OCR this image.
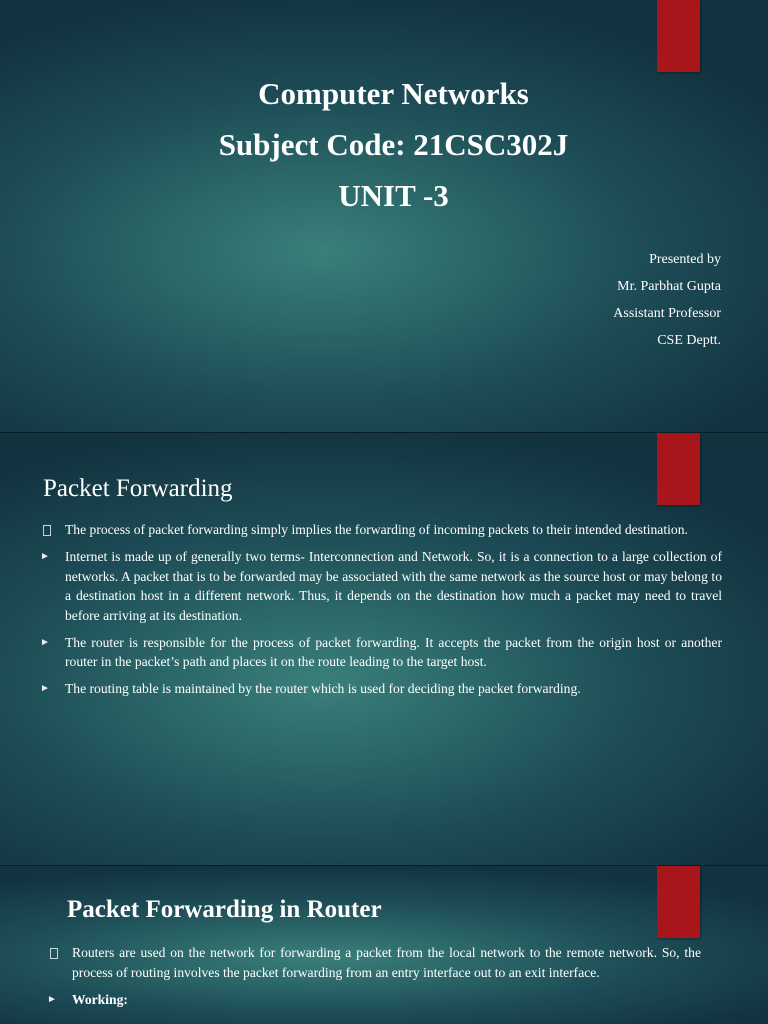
Computer Networks
Subject Code: 21CSC302J
UNIT -3
Presented by
Mr. Parbhat Gupta
Assistant Professor
CSE Deptt.
Packet Forwarding
The process of packet forwarding simply implies the forwarding of incoming packets to their intended destination.
► Internet is made up of generally two terms- Interconnection and Network. So, it is a connection to a large collection of networks. A packet that is to be forwarded may be associated with the same network as the source host or may belong to a destination host in a different network. Thus, it depends on the destination how much a packet may need to travel before arriving at its destination.
► The router is responsible for the process of packet forwarding. It accepts the packet from the origin host or another router in the packet’s path and places it on the route leading to the target host.
► The routing table is maintained by the router which is used for deciding the packet forwarding.
Packet Forwarding in Router
Routers are used on the network for forwarding a packet from the local network to the remote network. So, the process of routing involves the packet forwarding from an entry interface out to an exit interface.
► Working:
